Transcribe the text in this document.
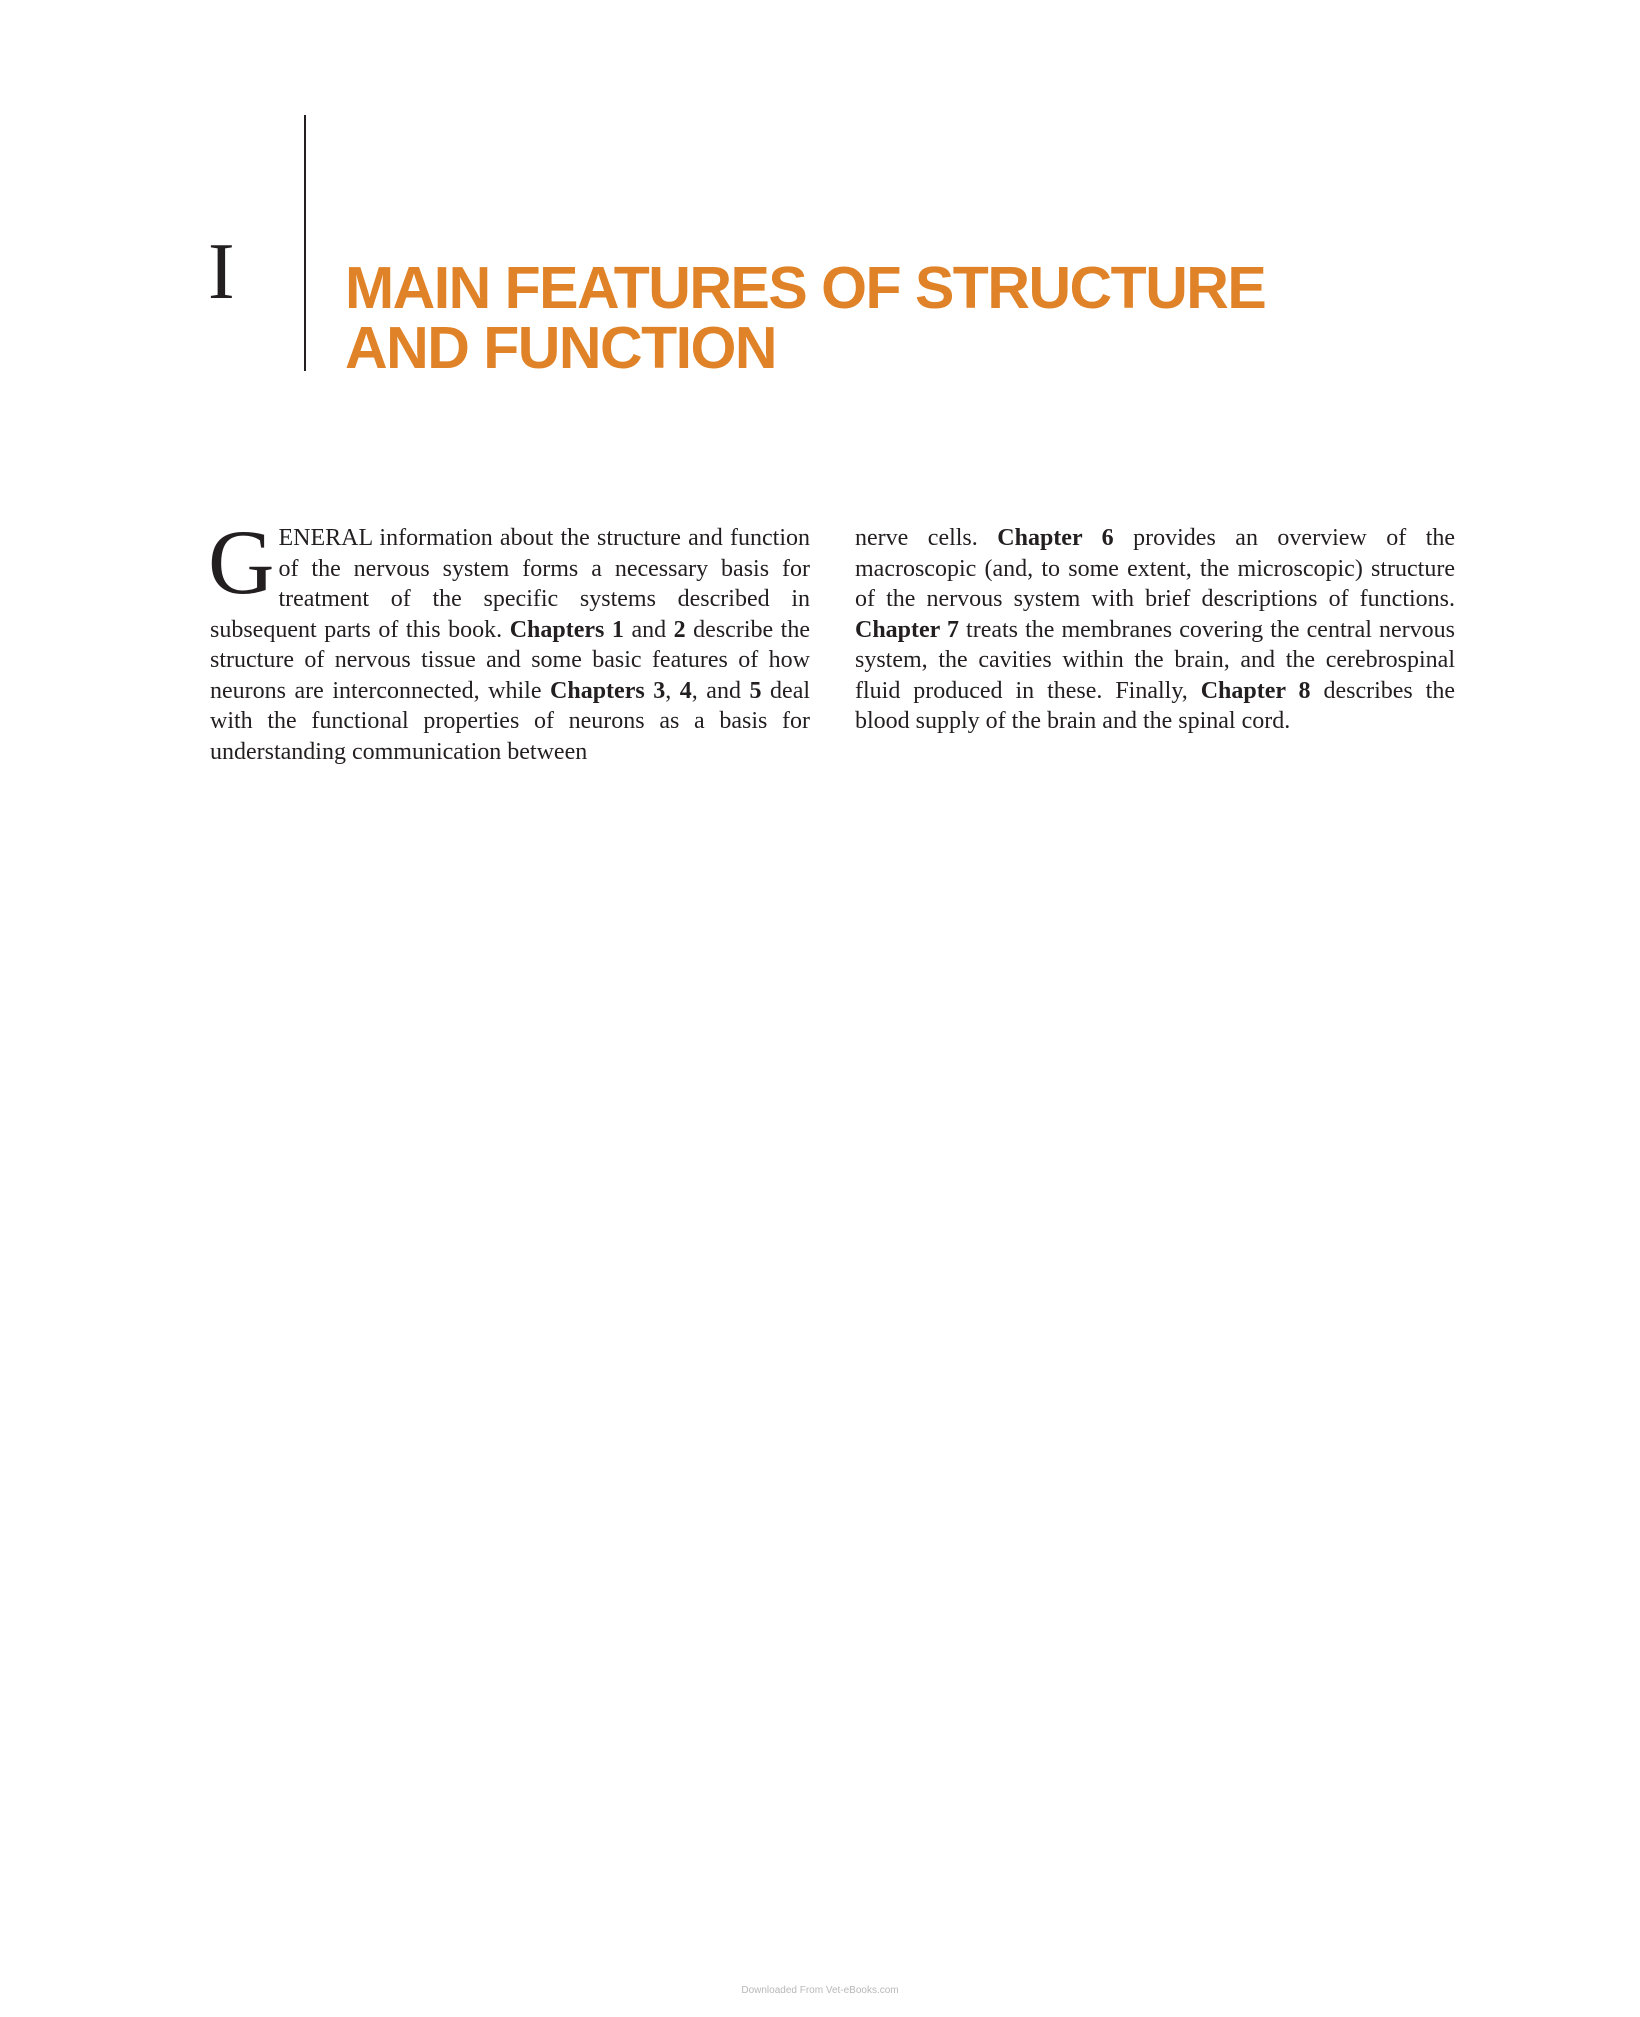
I MAIN FEATURES OF STRUCTURE
AND FUNCTION

GENERAL information about the structure and function of the nervous system forms a necessary basis for treatment of the specific systems described in subsequent parts of this book. Chapters 1 and 2 describe the structure of nervous tissue and some basic features of how neurons are interconnected, while Chapters 3, 4, and 5 deal with the functional properties of neurons as a basis for understanding communication between

nerve cells. Chapter 6 provides an overview of the macroscopic (and, to some extent, the microscopic) structure of the nervous system with brief descriptions of functions. Chapter 7 treats the membranes covering the central nervous system, the cavities within the brain, and the cerebrospinal fluid produced in these. Finally, Chapter 8 describes the blood supply of the brain and the spinal cord.

Downloaded From Vet-eBooks.com
